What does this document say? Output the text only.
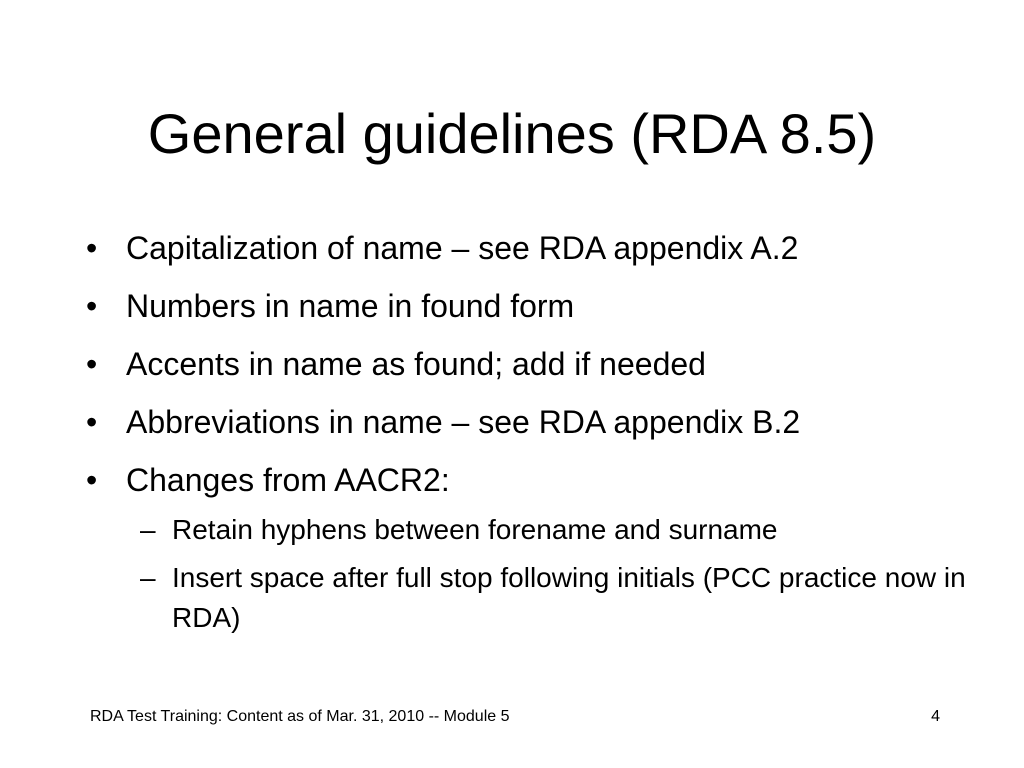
General guidelines (RDA 8.5)
• Capitalization of name – see RDA appendix A.2
• Numbers in name in found form
• Accents in name as found; add if needed
• Abbreviations in name – see RDA appendix B.2
• Changes from AACR2:
– Retain hyphens between forename and surname
– Insert space after full stop following initials (PCC practice now in RDA)
RDA Test Training: Content as of Mar. 31, 2010 -- Module 5	4
